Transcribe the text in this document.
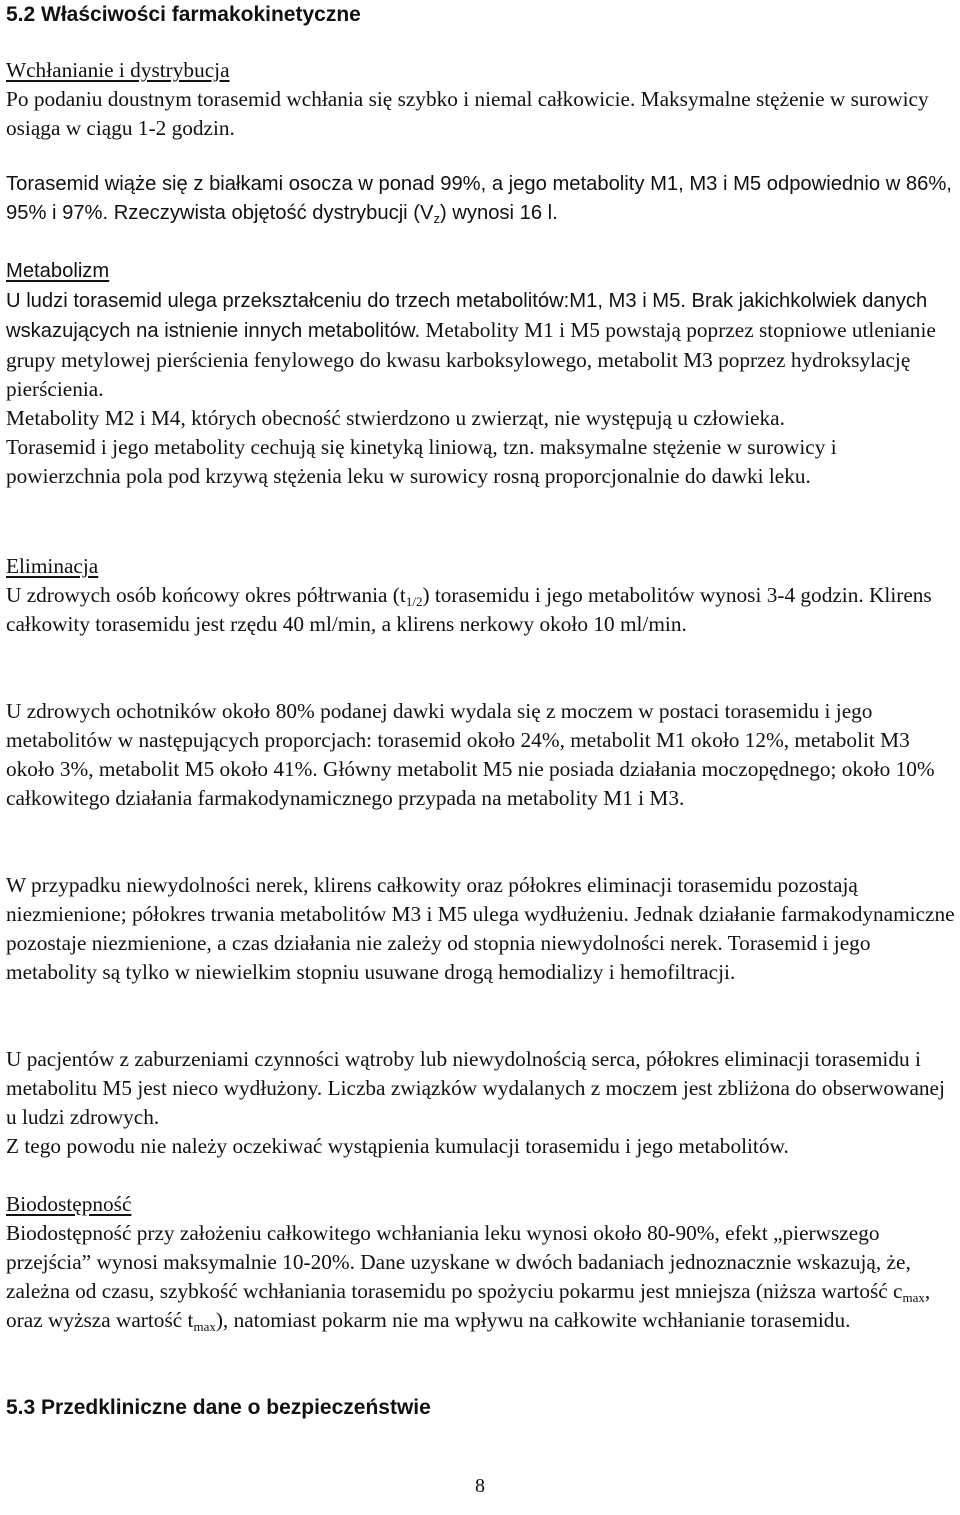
5.2 Właściwości farmakokinetyczne

Wchłanianie i dystrybucja

Po podaniu doustnym torasemid wchłania się szybko i niemal całkowicie. Maksymalne stężenie w surowicy osiąga w ciągu 1-2 godzin.

Torasemid wiąże się z białkami osocza w ponad 99%, a jego metabolity M1, M3 i M5 odpowiednio w 86%, 95% i 97%. Rzeczywista objętość dystrybucji $(V_z)$ wynosi 16 l.

Metabolizm

U ludzi torasemid ulega przekształceniu do trzech metabolitów:M1, M3 i M5. Brak jakichkolwiek danych wskazujących na istnienie innych metabolitów. Metabolity M1 i M5 powstają poprzez stopniowe utlenianie grupy metylowej pierścienia fenylowego do kwasu karboksylowego, metabolit M3 poprzez hydroksylację pierścienia.

Metabolity M2 i M4, których obecność stwierdzono u zwierząt, nie występują u człowieka.

Torasemid i jego metabolity cechują się kinetyką liniową, tzn. maksymalne stężenie w surowicy i powierzchnia pola pod krzywą stężenia leku w surowicy rosną proporcjonalnie do dawki leku.

Eliminacja

U zdrowych osób końcowy okres półtrwania $(t_{1/2})$ torasemidu i jego metabolitów wynosi 3-4 godzin. Klirens całkowity torasemidu jest rzędu 40 ml/min, a klirens nerkowy około 10 ml/min.

U zdrowych ochotników około 80% podanej dawki wydala się z moczem w postaci torasemidu i jego metabolitów w następujących proporcjach: torasemid około 24%, metabolit M1 około 12%, metabolit M3 około 3%, metabolit M5 około 41%. Główny metabolit M5 nie posiada działania moczopędnego; około 10% całkowitego działania farmakodynamicznego przypada na metabolity M1 i M3.
W przypadku niewydolności nerek, klirens całkowity oraz półokres eliminacji torasemidu pozostają niezmienione; półokres trwania metabolitów M3 i M5 ulega wydłużeniu. Jednak działanie farmakodynamiczne pozostaje niezmienione, a czas działania nie zależy od stopnia niewydolności nerek. Torasemid i jego metabolity są tylko w niewielkim stopniu usuwane drogą hemodializy i hemofiltracji.

U pacjentów z zaburzeniami czynności wątroby lub niewydolnością serca, półokres eliminacji torasemidu i metabolitu M5 jest nieco wydłużony. Liczba związków wydalanych z moczem jest zbliżona do obserwowanej u ludzi zdrowych.

Z tego powodu nie należy oczekiwać wystąpienia kumulacji torasemidu i jego metabolitów.

Biodostępność

Biodostępność przy założeniu całkowitego wchłaniania leku wynosi około 80-90%, efekt „pierwszego przejścia” wynosi maksymalnie 10-20%. Dane uzyskane w dwóch badaniach jednoznacznie wskazują, że, zależna od czasu, szybkość wchłaniania torasemidu po spożyciu pokarmu jest mniejsza (niższa wartość $c_{max}$, oraz wyższa wartość $t_{max}$), natomiast pokarm nie ma wpływu na całkowite wchłanianie torasemidu.

5.3 Przedkliniczne dane o bezpieczeństwie
8
